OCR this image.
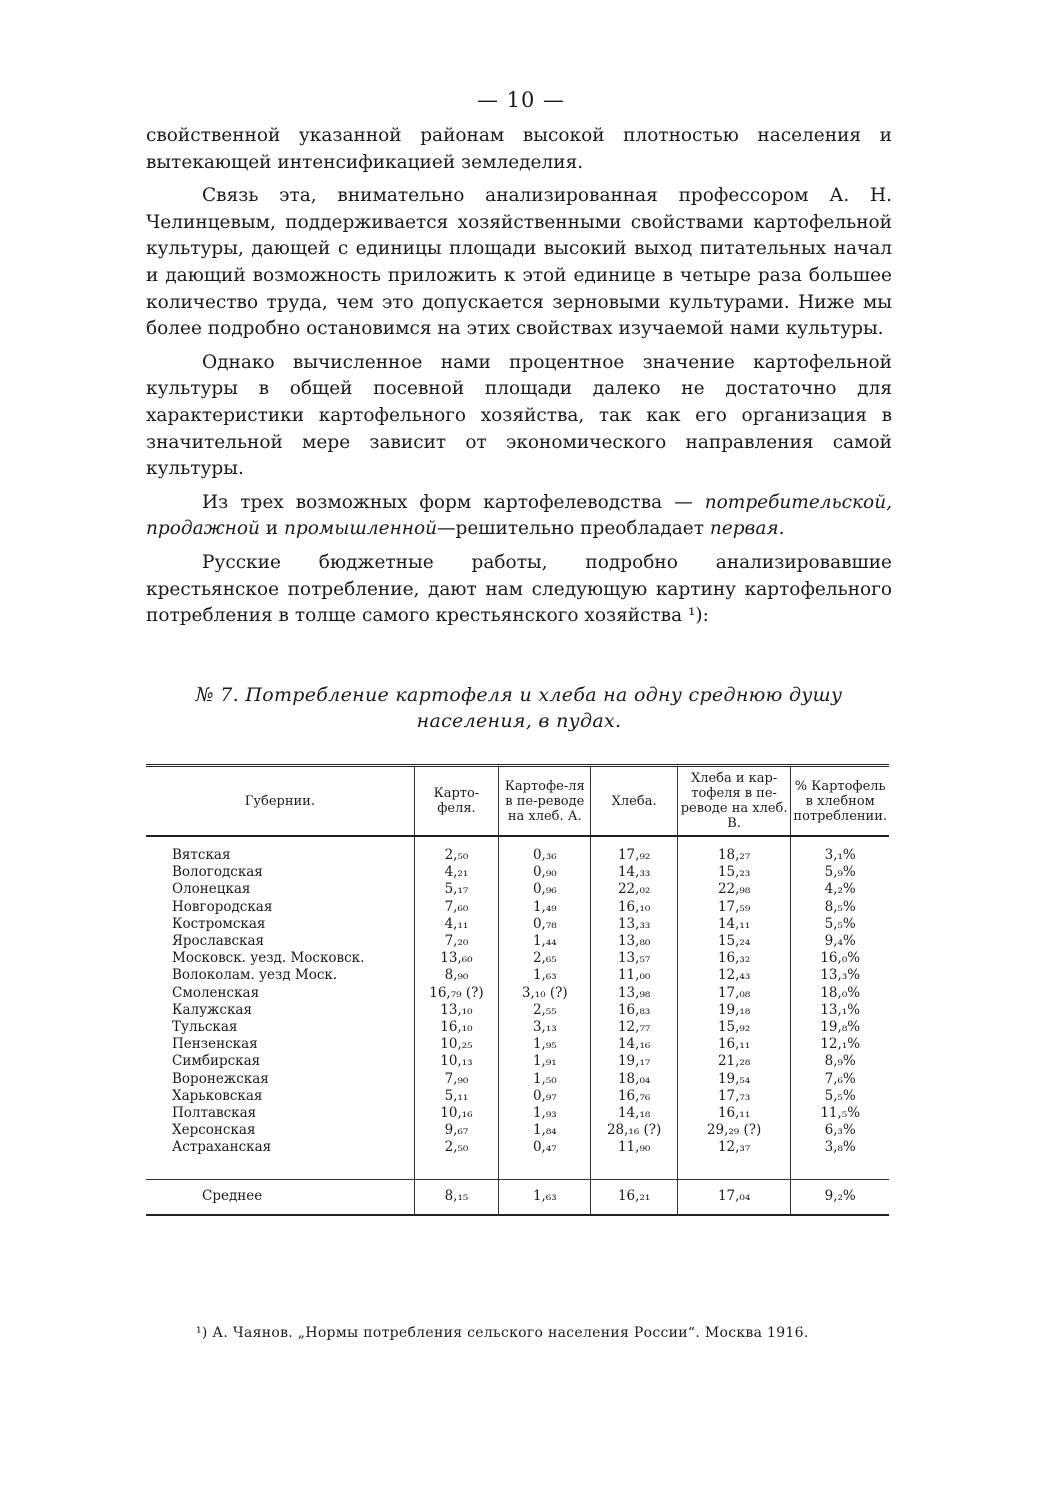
— 10 —

свойственной указанной районам высокой плотностью населения и вытекающей интенсификацией земледелия.

Связь эта, внимательно анализированная профессором А. Н. Челинцевым, поддерживается хозяйственными свойствами картофельной культуры, дающей с единицы площади высокий выход питательных начал и дающий возможность приложить к этой единице в четыре раза большее количество труда, чем это допускается зерновыми культурами. Ниже мы более подробно остановимся на этих свойствах изучаемой нами культуры.

Однако вычисленное нами процентное значение картофельной культуры в общей посевной площади далеко не достаточно для характеристики картофельного хозяйства, так как его организация в значительной мере зависит от экономического направления самой культуры.

Из трех возможных форм картофелеводства — потребительской, продажной и промышленной—решительно преобладает первая.

Русские бюджетные работы, подробно анализировавшие крестьянское потребление, дают нам следующую картину картофельного потребления в толще самого крестьянского хозяйства ¹):

№ 7. Потребление картофеля и хлеба на одну среднюю душу населения, в пудах.
Губернии.	Карто-феля.	Картофе-ля в пе-реводе на хлеб. А.	Хлеба.	Хлеба и кар-тофеля в пе-реводе на хлеб. В.	% Картофель в хлебном потреблении.
Вятская	2,₅₀	0,₃₆	17,₉₂	18,₂₇	3,₁%
Вологодская	4,₂₁	0,₉₀	14,₃₃	15,₂₃	5,₉%
Олонецкая	5,₁₇	0,₉₆	22,₀₂	22,₉₈	4,₂%
Новгородская	7,₆₀	1,₄₉	16,₁₀	17,₅₉	8,₅%
Костромская	4,₁₁	0,₇₈	13,₃₃	14,₁₁	5,₅%
Ярославская	7,₂₀	1,₄₄	13,₈₀	15,₂₄	9,₄%
Московск. уезд. Московск.	13,₆₀	2,₆₅	13,₅₇	16,₃₂	16,₀%
Волоколам. уезд Моск.	8,₉₀	1,₆₃	11,₀₀	12,₄₃	13,₃%
Смоленская	16,₇₉ (?)	3,₁₀ (?)	13,₉₈	17,₀₈	18,₀%
Калужская	13,₁₀	2,₅₅	16,₈₃	19,₁₈	13,₁%
Тульская	16,₁₀	3,₁₃	12,₇₇	15,₉₂	19,₈%
Пензенская	10,₂₅	1,₉₅	14,₁₆	16,₁₁	12,₁%
Симбирская	10,₁₃	1,₉₁	19,₁₇	21,₂₈	8,₉%
Воронежская	7,₉₀	1,₅₀	18,₀₄	19,₅₄	7,₆%
Харьковская	5,₁₁	0,₉₇	16,₇₆	17,₇₃	5,₅%
Полтавская	10,₁₆	1,₉₃	14,₁₈	16,₁₁	11,₅%
Херсонская	9,₆₇	1,₈₄	28,₁₆ (?)	29,₂₉ (?)	6,₃%
Астраханская	2,₅₀	0,₄₇	11,₉₀	12,₃₇	3,₈%
Среднее	8,₁₅	1,₆₃	16,₂₁	17,₀₄	9,₂%
¹) А. Чаянов. „Нормы потребления сельского населения России“. Москва 1916.
